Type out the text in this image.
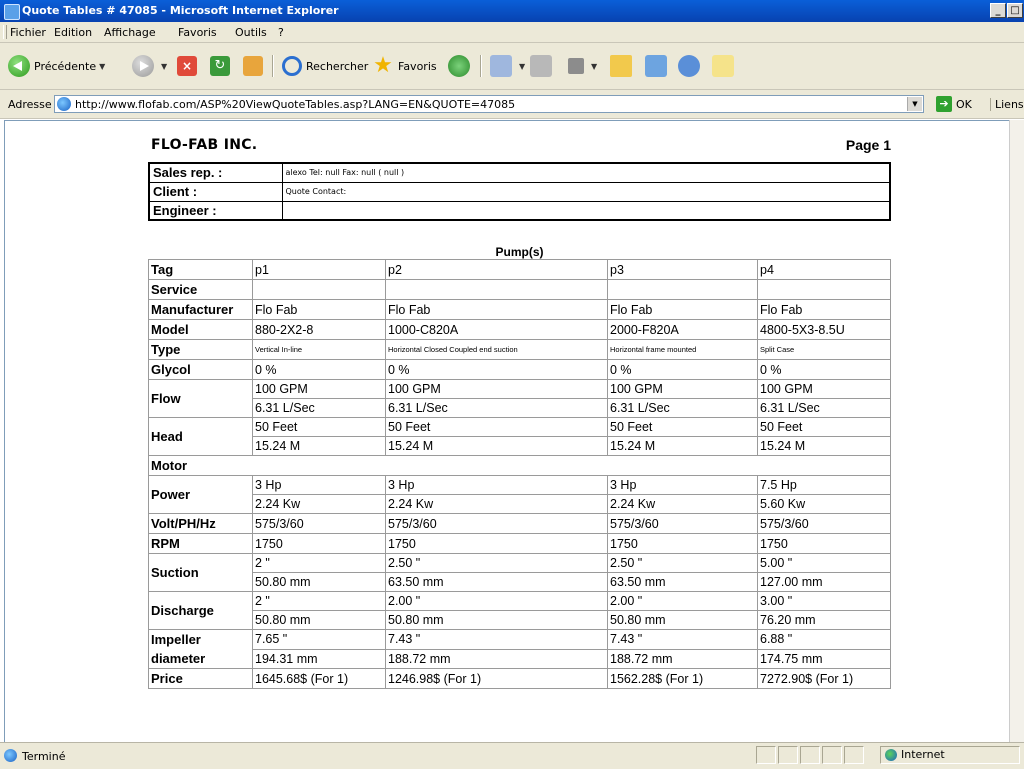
Quote Tables # 47085 - Microsoft Internet Explorer	_ □
Fichier Edition Affichage Favoris Outils ?
Précédente ▼	▼	×	↻	Rechercher ★ Favoris	▼	▼
Adresse
http://www.flofab.com/ASP%20ViewQuoteTables.asp?LANG=EN&QUOTE=47085	▼	➔ OK	Liens
FLO-FAB INC.	Page 1
Sales rep. :	alexo Tel: null Fax: null ( null )
Client :	Quote Contact:
Engineer :	
Pump(s)
Tag	p1	p2	p3	p4
Service				
Manufacturer	Flo Fab	Flo Fab	Flo Fab	Flo Fab
Model	880-2X2-8	1000-C820A	2000-F820A	4800-5X3-8.5U
Type	Vertical In-line	Horizontal Closed Coupled end suction	Horizontal frame mounted	Split Case
Glycol	0 %	0 %	0 %	0 %
Flow	100 GPM	100 GPM	100 GPM	100 GPM
	6.31 L/Sec	6.31 L/Sec	6.31 L/Sec	6.31 L/Sec
Head	50 Feet	50 Feet	50 Feet	50 Feet
	15.24 M	15.24 M	15.24 M	15.24 M
Motor				
Power	3 Hp	3 Hp	3 Hp	7.5 Hp
	2.24 Kw	2.24 Kw	2.24 Kw	5.60 Kw
Volt/PH/Hz	575/3/60	575/3/60	575/3/60	575/3/60
RPM	1750	1750	1750	1750
Suction	2 "	2.50 "	2.50 "	5.00 "
	50.80 mm	63.50 mm	63.50 mm	127.00 mm
Discharge	2 "	2.00 "	2.00 "	3.00 "
	50.80 mm	50.80 mm	50.80 mm	76.20 mm
Impeller diameter	7.65 "	7.43 "	7.43 "	6.88 "
	194.31 mm	188.72 mm	188.72 mm	174.75 mm
Price	1645.68$ (For 1)	1246.98$ (For 1)	1562.28$ (For 1)	7272.90$ (For 1)
Terminé	Internet
